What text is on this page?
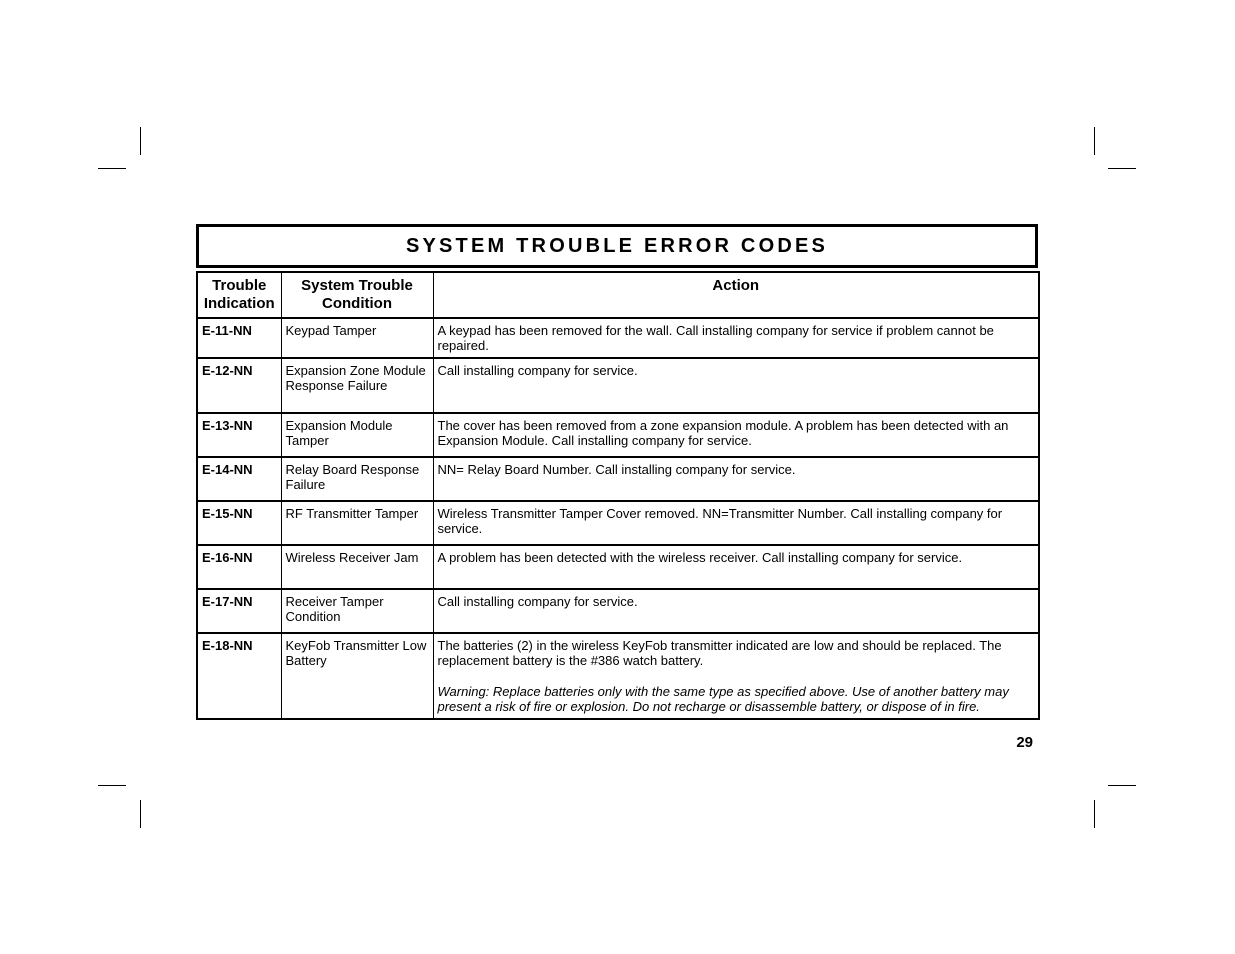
SYSTEM TROUBLE ERROR CODES
Trouble Indication	System Trouble Condition	Action
E-11-NN	Keypad Tamper	A keypad has been removed for the wall. Call installing company for service if problem cannot be repaired.
E-12-NN	Expansion Zone Module Response Failure	Call installing company for service.
E-13-NN	Expansion Module Tamper	The cover has been removed from a zone expansion module. A problem has been detected with an Expansion Module. Call installing company for service.
E-14-NN	Relay Board Response Failure	NN= Relay Board Number. Call installing company for service.
E-15-NN	RF Transmitter Tamper	Wireless Transmitter Tamper Cover removed. NN=Transmitter Number. Call installing company for service.
E-16-NN	Wireless Receiver Jam	A problem has been detected with the wireless receiver. Call installing company for service.
E-17-NN	Receiver Tamper Condition	Call installing company for service.
E-18-NN	KeyFob Transmitter Low Battery	The batteries (2) in the wireless KeyFob transmitter indicated are low and should be replaced. The replacement battery is the #386 watch battery.
Warning: Replace batteries only with the same type as specified above. Use of another battery may present a risk of fire or explosion. Do not recharge or disassemble battery, or dispose of in fire.
29
